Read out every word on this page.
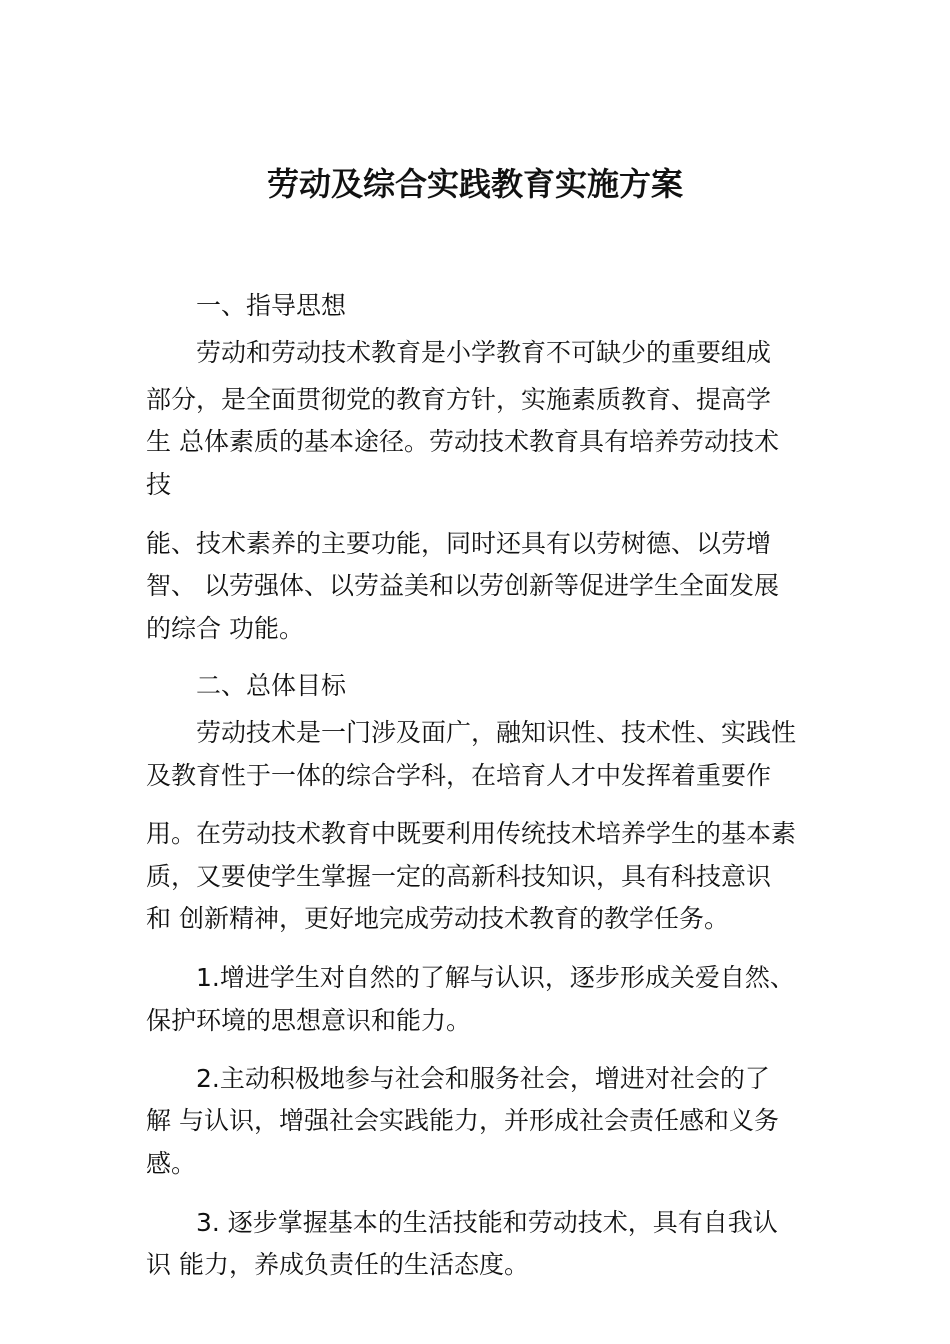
劳动及综合实践教育实施方案
一、指导思想
劳动和劳动技术教育是小学教育不可缺少的重要组成
部分，是全面贯彻党的教育方针，实施素质教育、提高学
生 总体素质的基本途径。劳动技术教育具有培养劳动技术
技
能、技术素养的主要功能，同时还具有以劳树德、以劳增
智、 以劳强体、以劳益美和以劳创新等促进学生全面发展
的综合 功能。
二、总体目标
劳动技术是一门涉及面广，融知识性、技术性、实践性
及教育性于一体的综合学科，在培育人才中发挥着重要作
用。在劳动技术教育中既要利用传统技术培养学生的基本素
质，又要使学生掌握一定的高新科技知识，具有科技意识
和 创新精神，更好地完成劳动技术教育的教学任务。
1.增进学生对自然的了解与认识，逐步形成关爱自然、
保护环境的思想意识和能力。
2.主动积极地参与社会和服务社会，增进对社会的了
解 与认识，增强社会实践能力，并形成社会责任感和义务
感。
3. 逐步掌握基本的生活技能和劳动技术，具有自我认
识 能力，养成负责任的生活态度。
